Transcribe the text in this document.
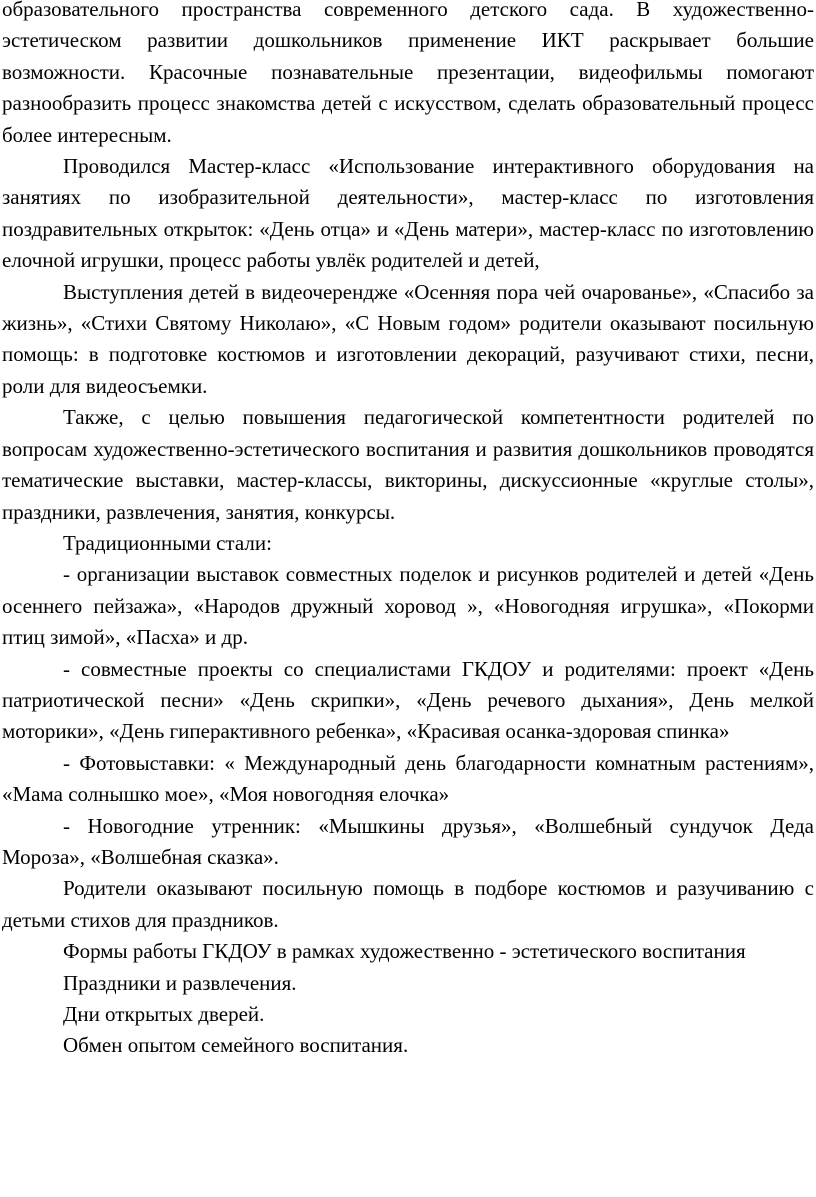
образовательного пространства современного детского сада. В художественно-эстетическом развитии дошкольников применение ИКТ раскрывает большие возможности. Красочные познавательные презентации, видеофильмы помогают разнообразить процесс знакомства детей с искусством, сделать образовательный процесс более интересным.

Проводился Мастер-класс «Использование интерактивного оборудования на занятиях по изобразительной деятельности», мастер-класс по изготовления поздравительных открыток: «День отца» и «День матери», мастер-класс по изготовлению елочной игрушки, процесс работы увлёк родителей и детей,

Выступления детей в видеочерендже «Осенняя пора чей очарованье», «Спасибо за жизнь», «Стихи Святому Николаю», «С Новым годом» родители оказывают посильную помощь: в подготовке костюмов и изготовлении декораций, разучивают стихи, песни, роли для видеосъемки.

Также, с целью повышения педагогической компетентности родителей по вопросам художественно-эстетического воспитания и развития дошкольников проводятся тематические выставки, мастер-классы, викторины, дискуссионные «круглые столы», праздники, развлечения, занятия, конкурсы.

Традиционными стали:

- организации выставок совместных поделок и рисунков родителей и детей «День осеннего пейзажа», «Народов дружный хоровод », «Новогодняя игрушка», «Покорми птиц зимой», «Пасха» и др.

- совместные проекты со специалистами ГКДОУ и родителями: проект «День патриотической песни» «День скрипки», «День речевого дыхания», День мелкой моторики», «День гиперактивного ребенка», «Красивая осанка-здоровая спинка»

- Фотовыставки: « Международный день благодарности комнатным растениям», «Мама солнышко мое», «Моя новогодняя елочка»

- Новогодние утренник: «Мышкины друзья», «Волшебный сундучок Деда Мороза», «Волшебная сказка».

Родители оказывают посильную помощь в подборе костюмов и разучиванию с детьми стихов для праздников.

Формы работы ГКДОУ в рамках художественно - эстетического воспитания

Праздники и развлечения.

Дни открытых дверей.

Обмен опытом семейного воспитания.
